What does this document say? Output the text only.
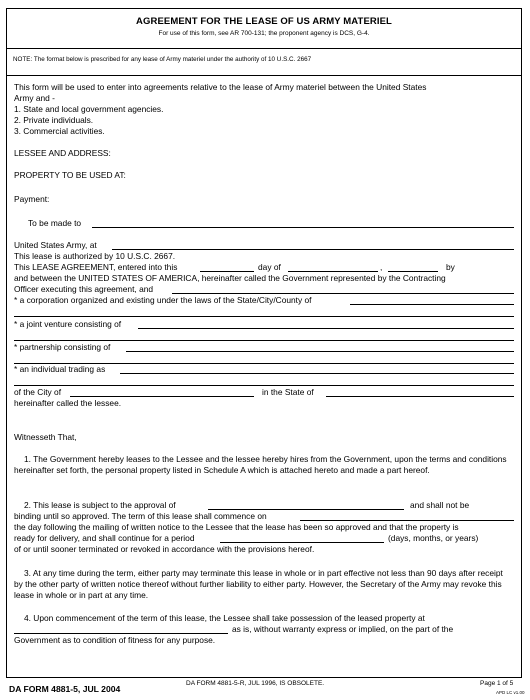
AGREEMENT FOR THE LEASE OF US ARMY MATERIEL
For use of this form, see AR 700-131; the proponent agency is DCS, G-4.
NOTE: The format below is prescribed for any lease of Army materiel under the authority of 10 U.S.C. 2667
This form will be used to enter into agreements relative to the lease of Army materiel between the United States
Army and -
1. State and local government agencies.
2. Private individuals.
3. Commercial activities.
LESSEE AND ADDRESS:
PROPERTY TO BE USED AT:
Payment:
To be made to
United States Army, at
This lease is authorized by 10 U.S.C. 2667.
This LEASE AGREEMENT, entered into this	day of	,	by
and between the UNITED STATES OF AMERICA, hereinafter called the Government represented by the Contracting
Officer executing this agreement, and
* a corporation organized and existing under the laws of the State/City/County of
* a joint venture consisting of
* partnership consisting of
* an individual trading as
of the City of	in the State of
hereinafter called the lessee.
Witnesseth That,
1. The Government hereby leases to the Lessee and the lessee hereby hires from the Government, upon the terms and conditions hereinafter set forth, the personal property listed in Schedule A which is attached hereto and made a part hereof.
2. This lease is subject to the approval of	and shall not be
binding until so approved. The term of this lease shall commence on
the day following the mailing of written notice to the Lessee that the lease has been so approved and that the property is
ready for delivery, and shall continue for a period	(days, months, or years)
of or until sooner terminated or revoked in accordance with the provisions hereof.
3. At any time during the term, either party may terminate this lease in whole or in part effective not less than 90 days after receipt by the other party of written notice thereof without further liability to either party. However, the Secretary of the Army may revoke this lease in whole or in part at any time.
4. Upon commencement of the term of this lease, the Lessee shall take possession of the leased property at
as is, without warranty express or implied, on the part of the
Government as to condition of fitness for any purpose.
DA FORM 4881-5, JUL 2004
DA FORM 4881-5-R, JUL 1996, IS OBSOLETE.	Page 1 of 5
APD LC v1.00
